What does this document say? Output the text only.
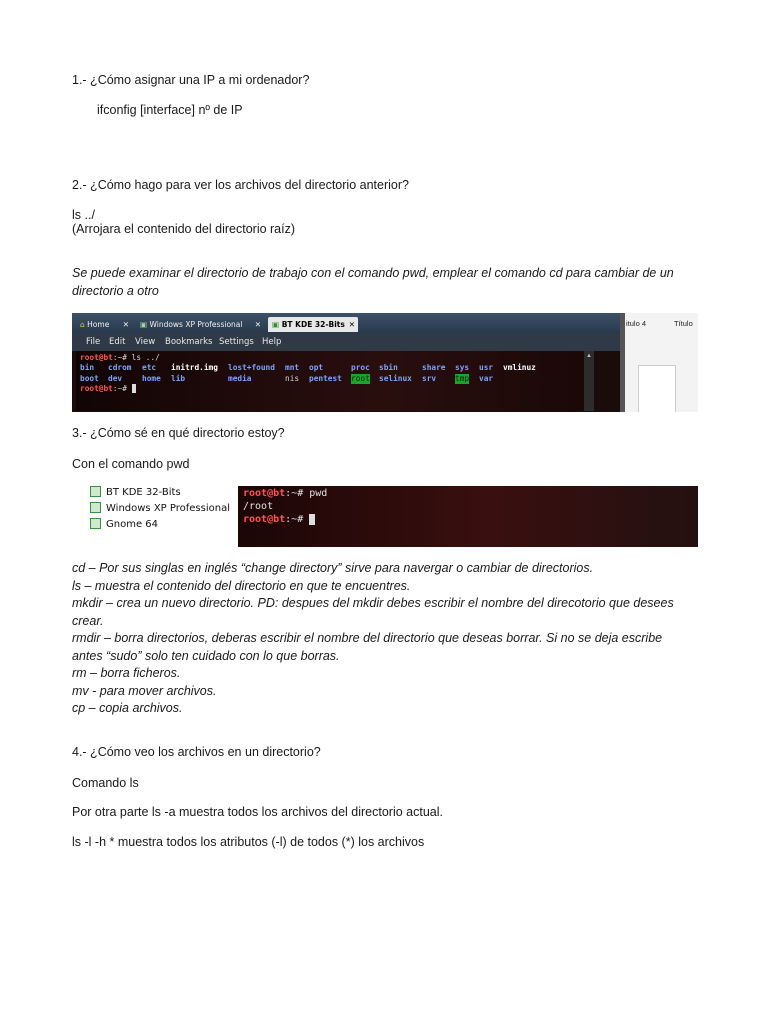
1.- ¿Cómo asignar una IP a mi ordenador?
ifconfig [interface] nº de IP
2.- ¿Cómo hago para ver los archivos del directorio anterior?
ls ../
(Arrojara el contenido del directorio raíz)
Se puede examinar el directorio de trabajo con el comando pwd, emplear el comando cd para cambiar de un
directorio a otro
⌂ Home ✕	▣ Windows XP Professional ✕	▣ BT KDE 32-Bits ✕
File Edit View Bookmarks Settings Help
root@bt:~# ls ../
bin cdrom etc initrd.img lost+found mnt opt	proc sbin	share sys usr vmlinuz
boot dev	home lib	media	nis pentest root selinux srv tmp var
root@bt:~#
▲
itulo 4	Título
3.- ¿Cómo sé en qué directorio estoy?
Con el comando pwd
BT KDE 32-Bits
Windows XP Professional
Gnome 64
root@bt:~# pwd
/root
root@bt:~#
cd – Por sus singlas en inglés “change directory” sirve para navergar o cambiar de directorios.
ls – muestra el contenido del directorio en que te encuentres.
mkdir – crea un nuevo directorio. PD: despues del mkdir debes escribir el nombre del direcotorio que desees
crear.
rmdir – borra directorios, deberas escribir el nombre del directorio que deseas borrar. Si no se deja escribe
antes “sudo” solo ten cuidado con lo que borras.
rm – borra ficheros.
mv - para mover archivos.
cp – copia archivos.
4.- ¿Cómo veo los archivos en un directorio?
Comando ls
Por otra parte ls -a muestra todos los archivos del directorio actual.
ls -l -h * muestra todos los atributos (-l) de todos (*) los archivos
